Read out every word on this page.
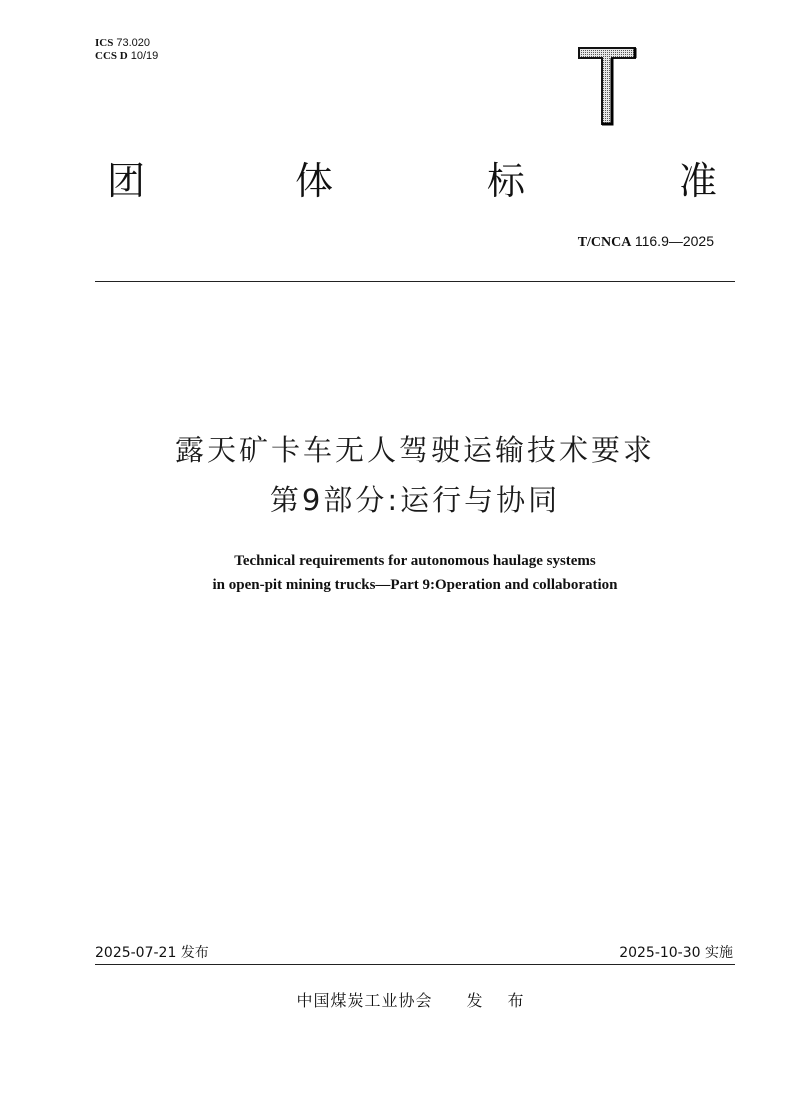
ICS 73.020
CCS D 10/19
团	体	标	准
T/CNCA 116.9—2025
露天矿卡车无人驾驶运输技术要求
第9部分:运行与协同
Technical requirements for autonomous haulage systems
in open-pit mining trucks—Part 9:Operation and collaboration
2025-07-21 发布	2025-10-30 实施
中国煤炭工业协会 发 布
